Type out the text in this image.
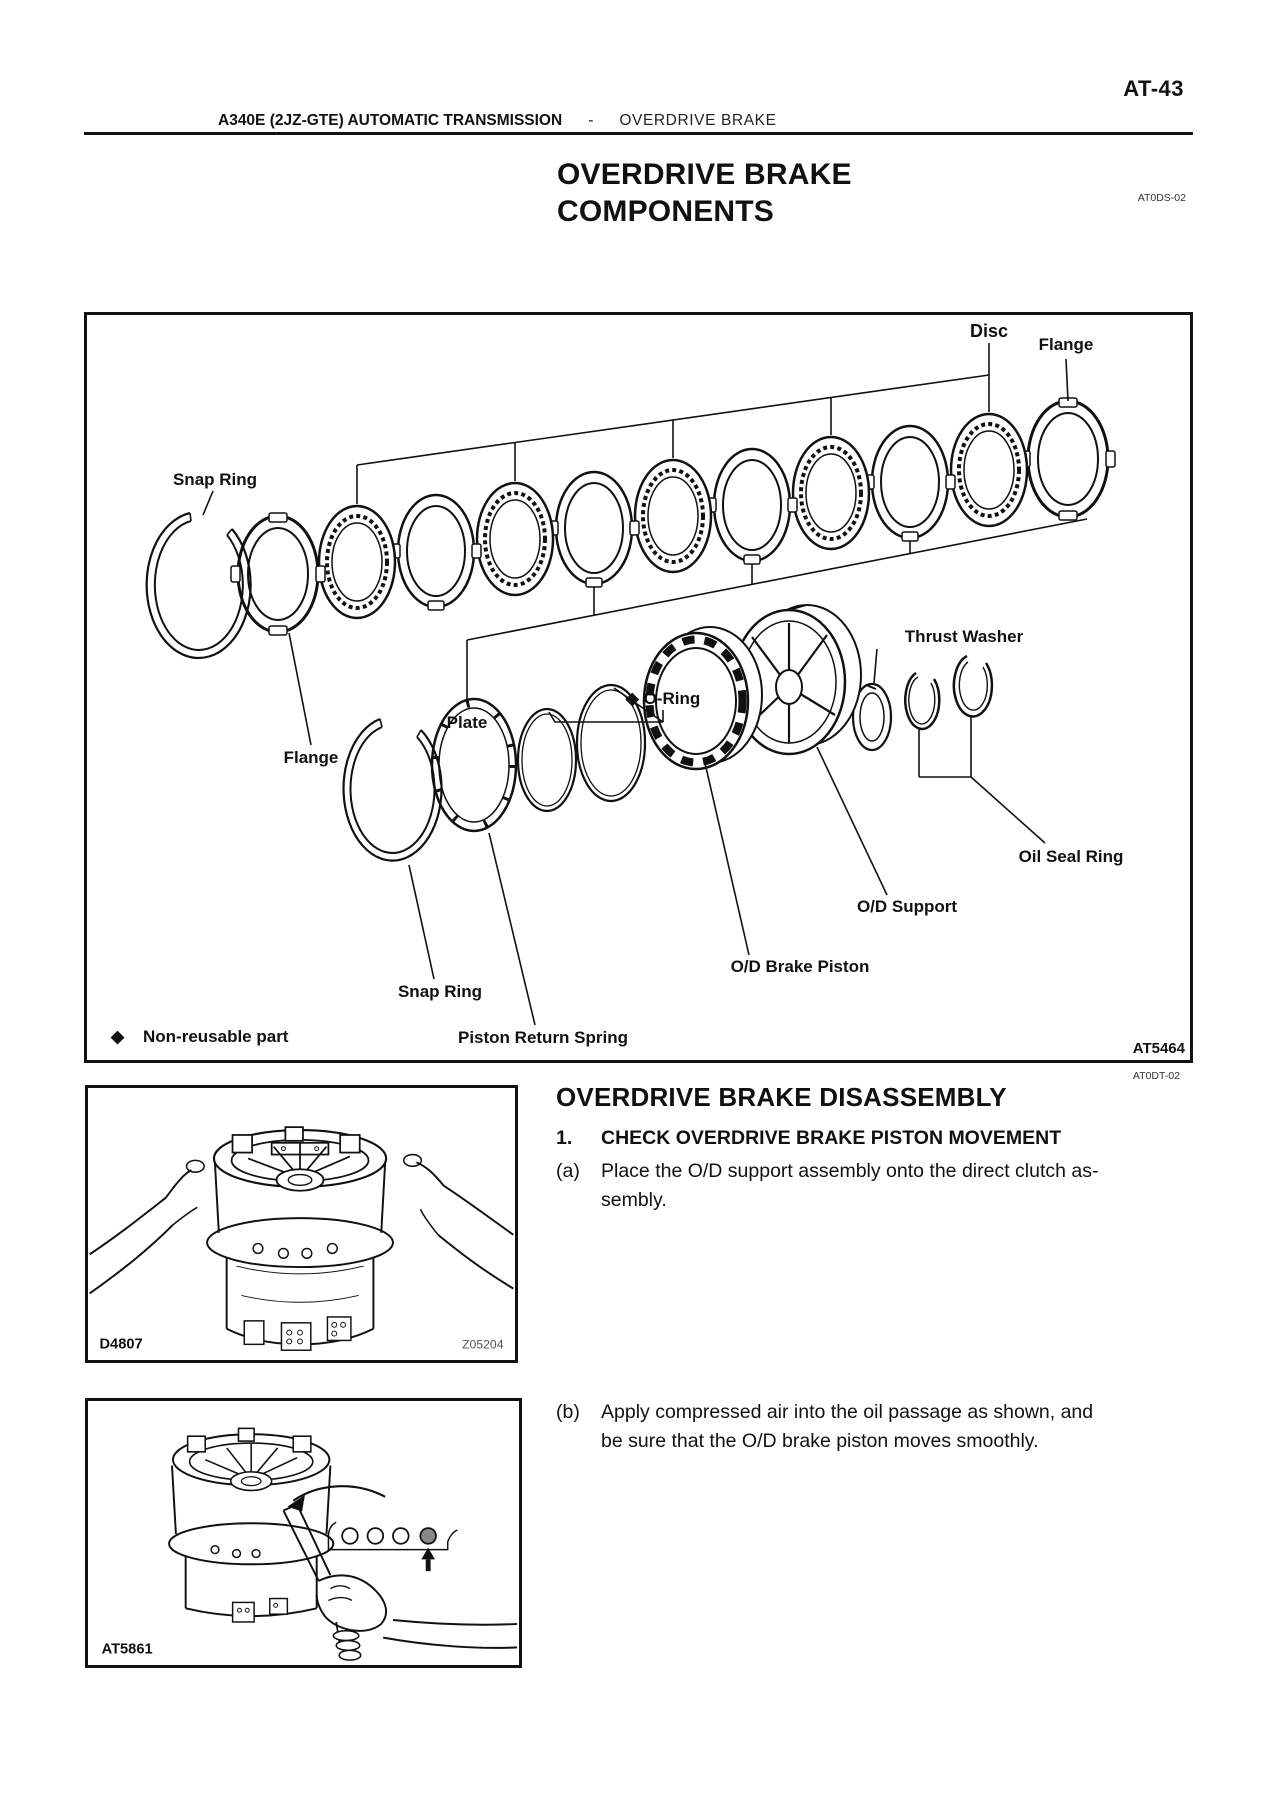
AT-43
A340E (2JZ-GTE) AUTOMATIC TRANSMISSION - OVERDRIVE BRAKE
OVERDRIVE BRAKE
COMPONENTS	AT0DS-02
Snap Ring
Disc
Flange
Plate
Flange
◆ O-Ring
Thrust Washer
Oil Seal Ring
O/D Support
O/D Brake Piston
Snap Ring
Piston Return Spring
◆ Non-reusable part
AT5464
AT0DT-02
OVERDRIVE BRAKE DISASSEMBLY
1.	CHECK OVERDRIVE BRAKE PISTON MOVEMENT
(a)	Place the O/D support assembly onto the direct clutch as-
sembly.
(b)	Apply compressed air into the oil passage as shown, and
be sure that the O/D brake piston moves smoothly.
D4807	Z05204
AT5861
